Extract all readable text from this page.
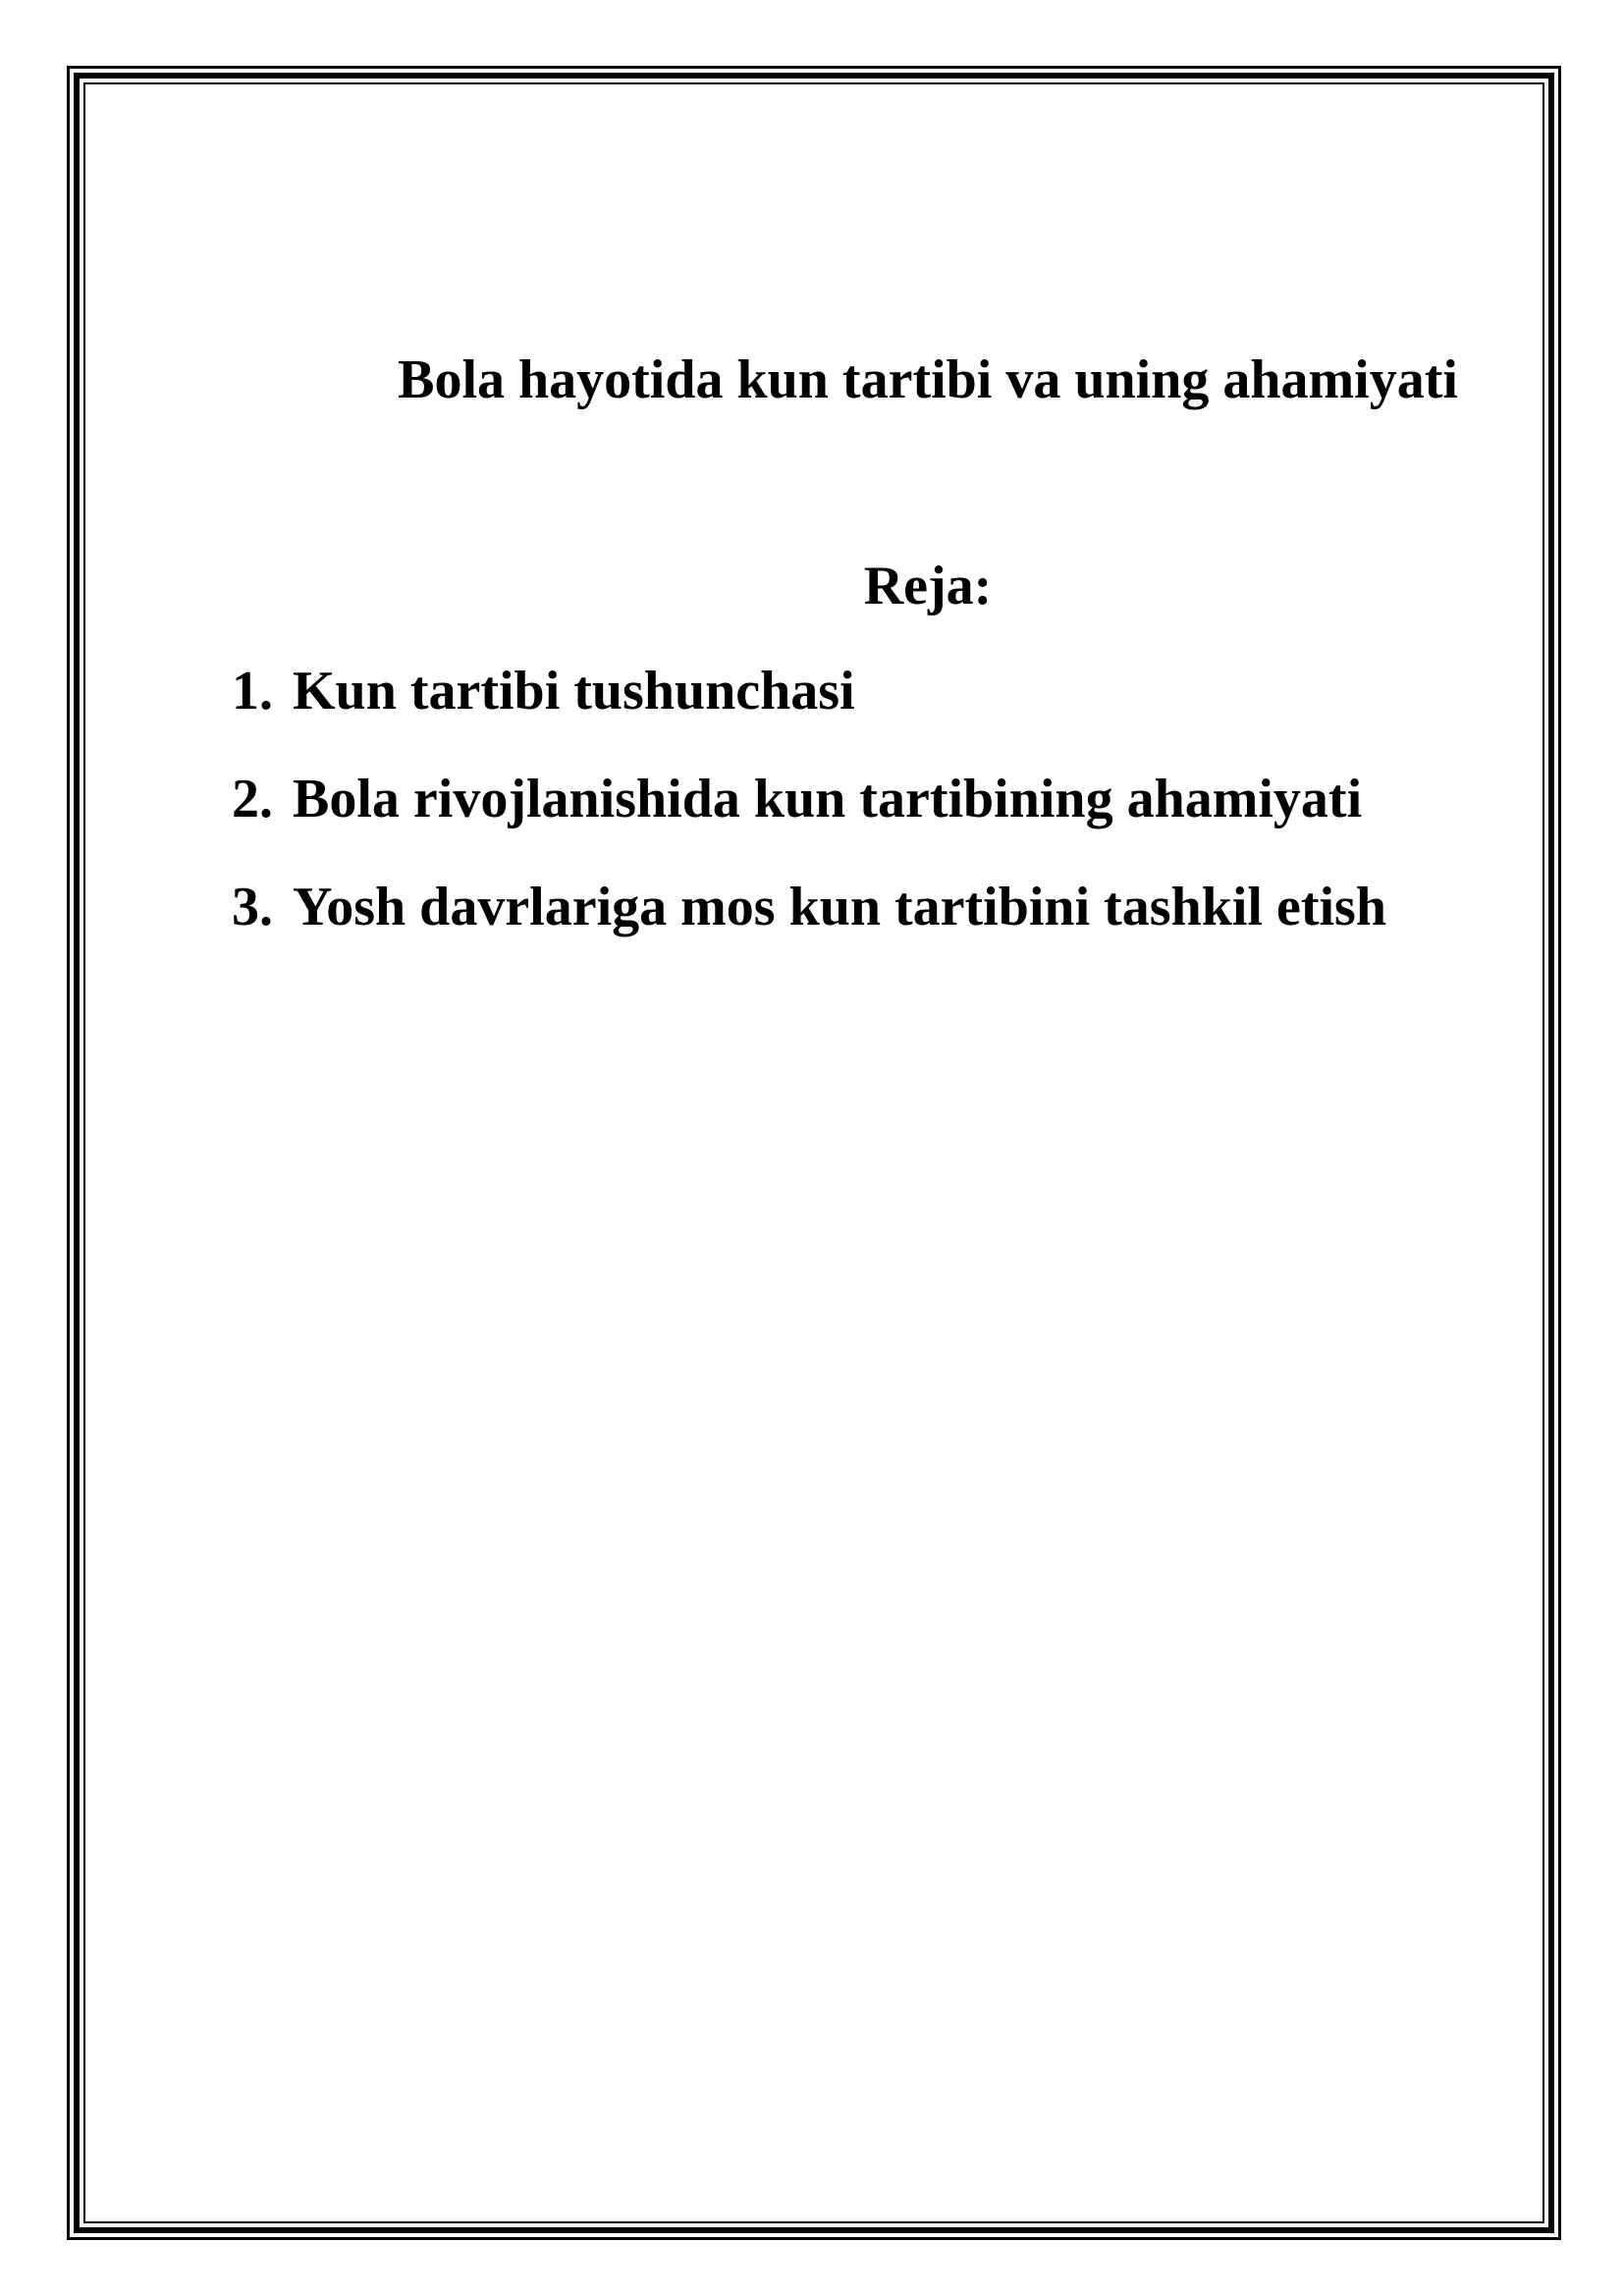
Bola hayotida kun tartibi va uning ahamiyati
Reja:
1. Kun tartibi tushunchasi
2. Bola rivojlanishida kun tartibining ahamiyati
3. Yosh davrlariga mos kun tartibini tashkil etish
